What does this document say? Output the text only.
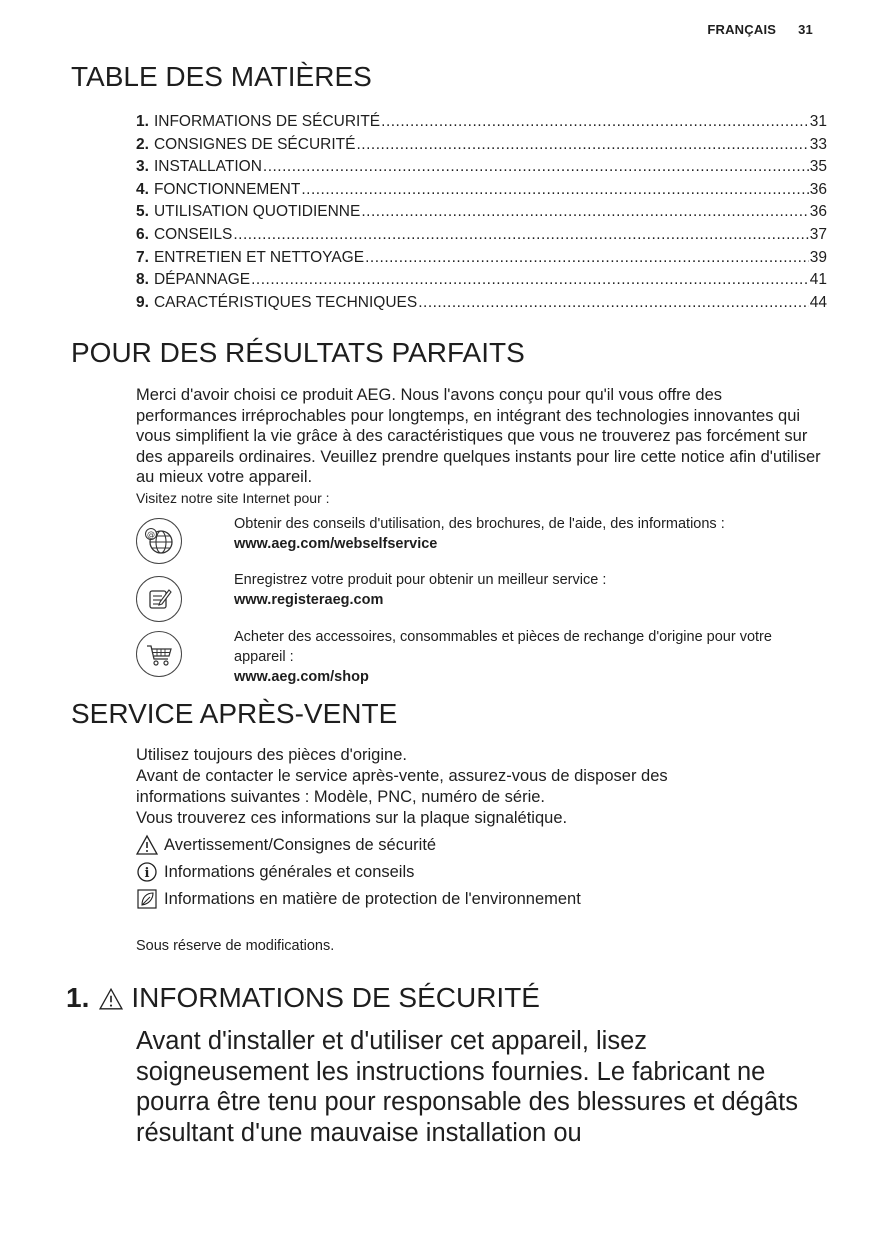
FRANÇAIS 31
TABLE DES MATIÈRES
1. INFORMATIONS DE SÉCURITÉ .....	31
2. CONSIGNES DE SÉCURITÉ .....	33
3. INSTALLATION .....	35
4. FONCTIONNEMENT .....	36
5. UTILISATION QUOTIDIENNE .....	36
6. CONSEILS .....	37
7. ENTRETIEN ET NETTOYAGE .....	39
8. DÉPANNAGE .....	41
9. CARACTÉRISTIQUES TECHNIQUES .....	44
POUR DES RÉSULTATS PARFAITS
Merci d'avoir choisi ce produit AEG. Nous l'avons conçu pour qu'il vous offre des performances irréprochables pour longtemps, en intégrant des technologies innovantes qui vous simplifient la vie grâce à des caractéristiques que vous ne trouverez pas forcément sur des appareils ordinaires. Veuillez prendre quelques instants pour lire cette notice afin d'utiliser au mieux votre appareil.
Visitez notre site Internet pour :
@
Obtenir des conseils d'utilisation, des brochures, de l'aide, des informations :
www.aeg.com/webselfservice
Enregistrez votre produit pour obtenir un meilleur service :
www.registeraeg.com
Acheter des accessoires, consommables et pièces de rechange d'origine pour votre appareil :
www.aeg.com/shop
SERVICE APRÈS-VENTE
Utilisez toujours des pièces d'origine.
Avant de contacter le service après-vente, assurez-vous de disposer des informations suivantes : Modèle, PNC, numéro de série.
Vous trouverez ces informations sur la plaque signalétique.
Avertissement/Consignes de sécurité
i Informations générales et conseils
Informations en matière de protection de l'environnement
Sous réserve de modifications.
1. INFORMATIONS DE SÉCURITÉ
Avant d'installer et d'utiliser cet appareil, lisez soigneusement les instructions fournies. Le fabricant ne pourra être tenu pour responsable des blessures et dégâts résultant d'une mauvaise installation ou
